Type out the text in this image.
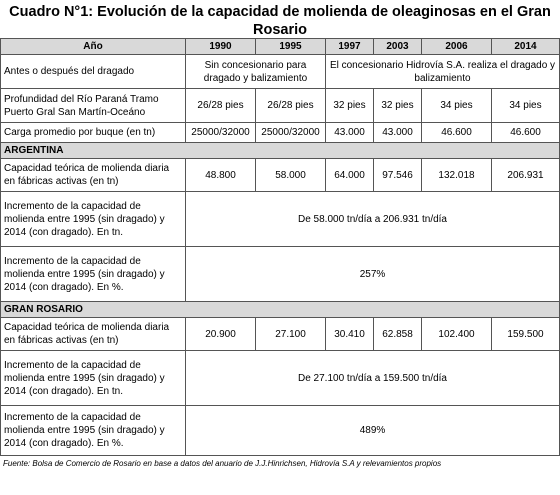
Cuadro N°1: Evolución de la capacidad de molienda de oleaginosas en el Gran Rosario
Año	1990	1995	1997	2003	2006	2014
Antes o después del dragado	Sin concesionario para dragado y balizamiento		El concesionario Hidrovía S.A. realiza el dragado y balizamiento			
Profundidad del Río Paraná Tramo Puerto Gral San Martín-Oceáno	26/28 pies	26/28 pies	32 pies	32 pies	34 pies	34 pies
Carga promedio por buque (en tn)	25000/32000	25000/32000	43.000	43.000	46.600	46.600
ARGENTINA						
Capacidad teórica de molienda diaria en fábricas activas (en tn)	48.800	58.000	64.000	97.546	132.018	206.931
Incremento de la capacidad de molienda entre 1995 (sin dragado) y 2014 (con dragado). En tn.	De 58.000 tn/día a 206.931 tn/día					
Incremento de la capacidad de molienda entre 1995 (sin dragado) y 2014 (con dragado). En %.	257%					
GRAN ROSARIO						
Capacidad teórica de molienda diaria en fábricas activas (en tn)	20.900	27.100	30.410	62.858	102.400	159.500
Incremento de la capacidad de molienda entre 1995 (sin dragado) y 2014 (con dragado). En tn.	De 27.100 tn/día a 159.500 tn/día					
Incremento de la capacidad de molienda entre 1995 (sin dragado) y 2014 (con dragado). En %.	489%					
Fuente: Bolsa de Comercio de Rosario en base a datos del anuario de J.J.Hinrichsen, Hidrovía S.A y relevamientos propios
